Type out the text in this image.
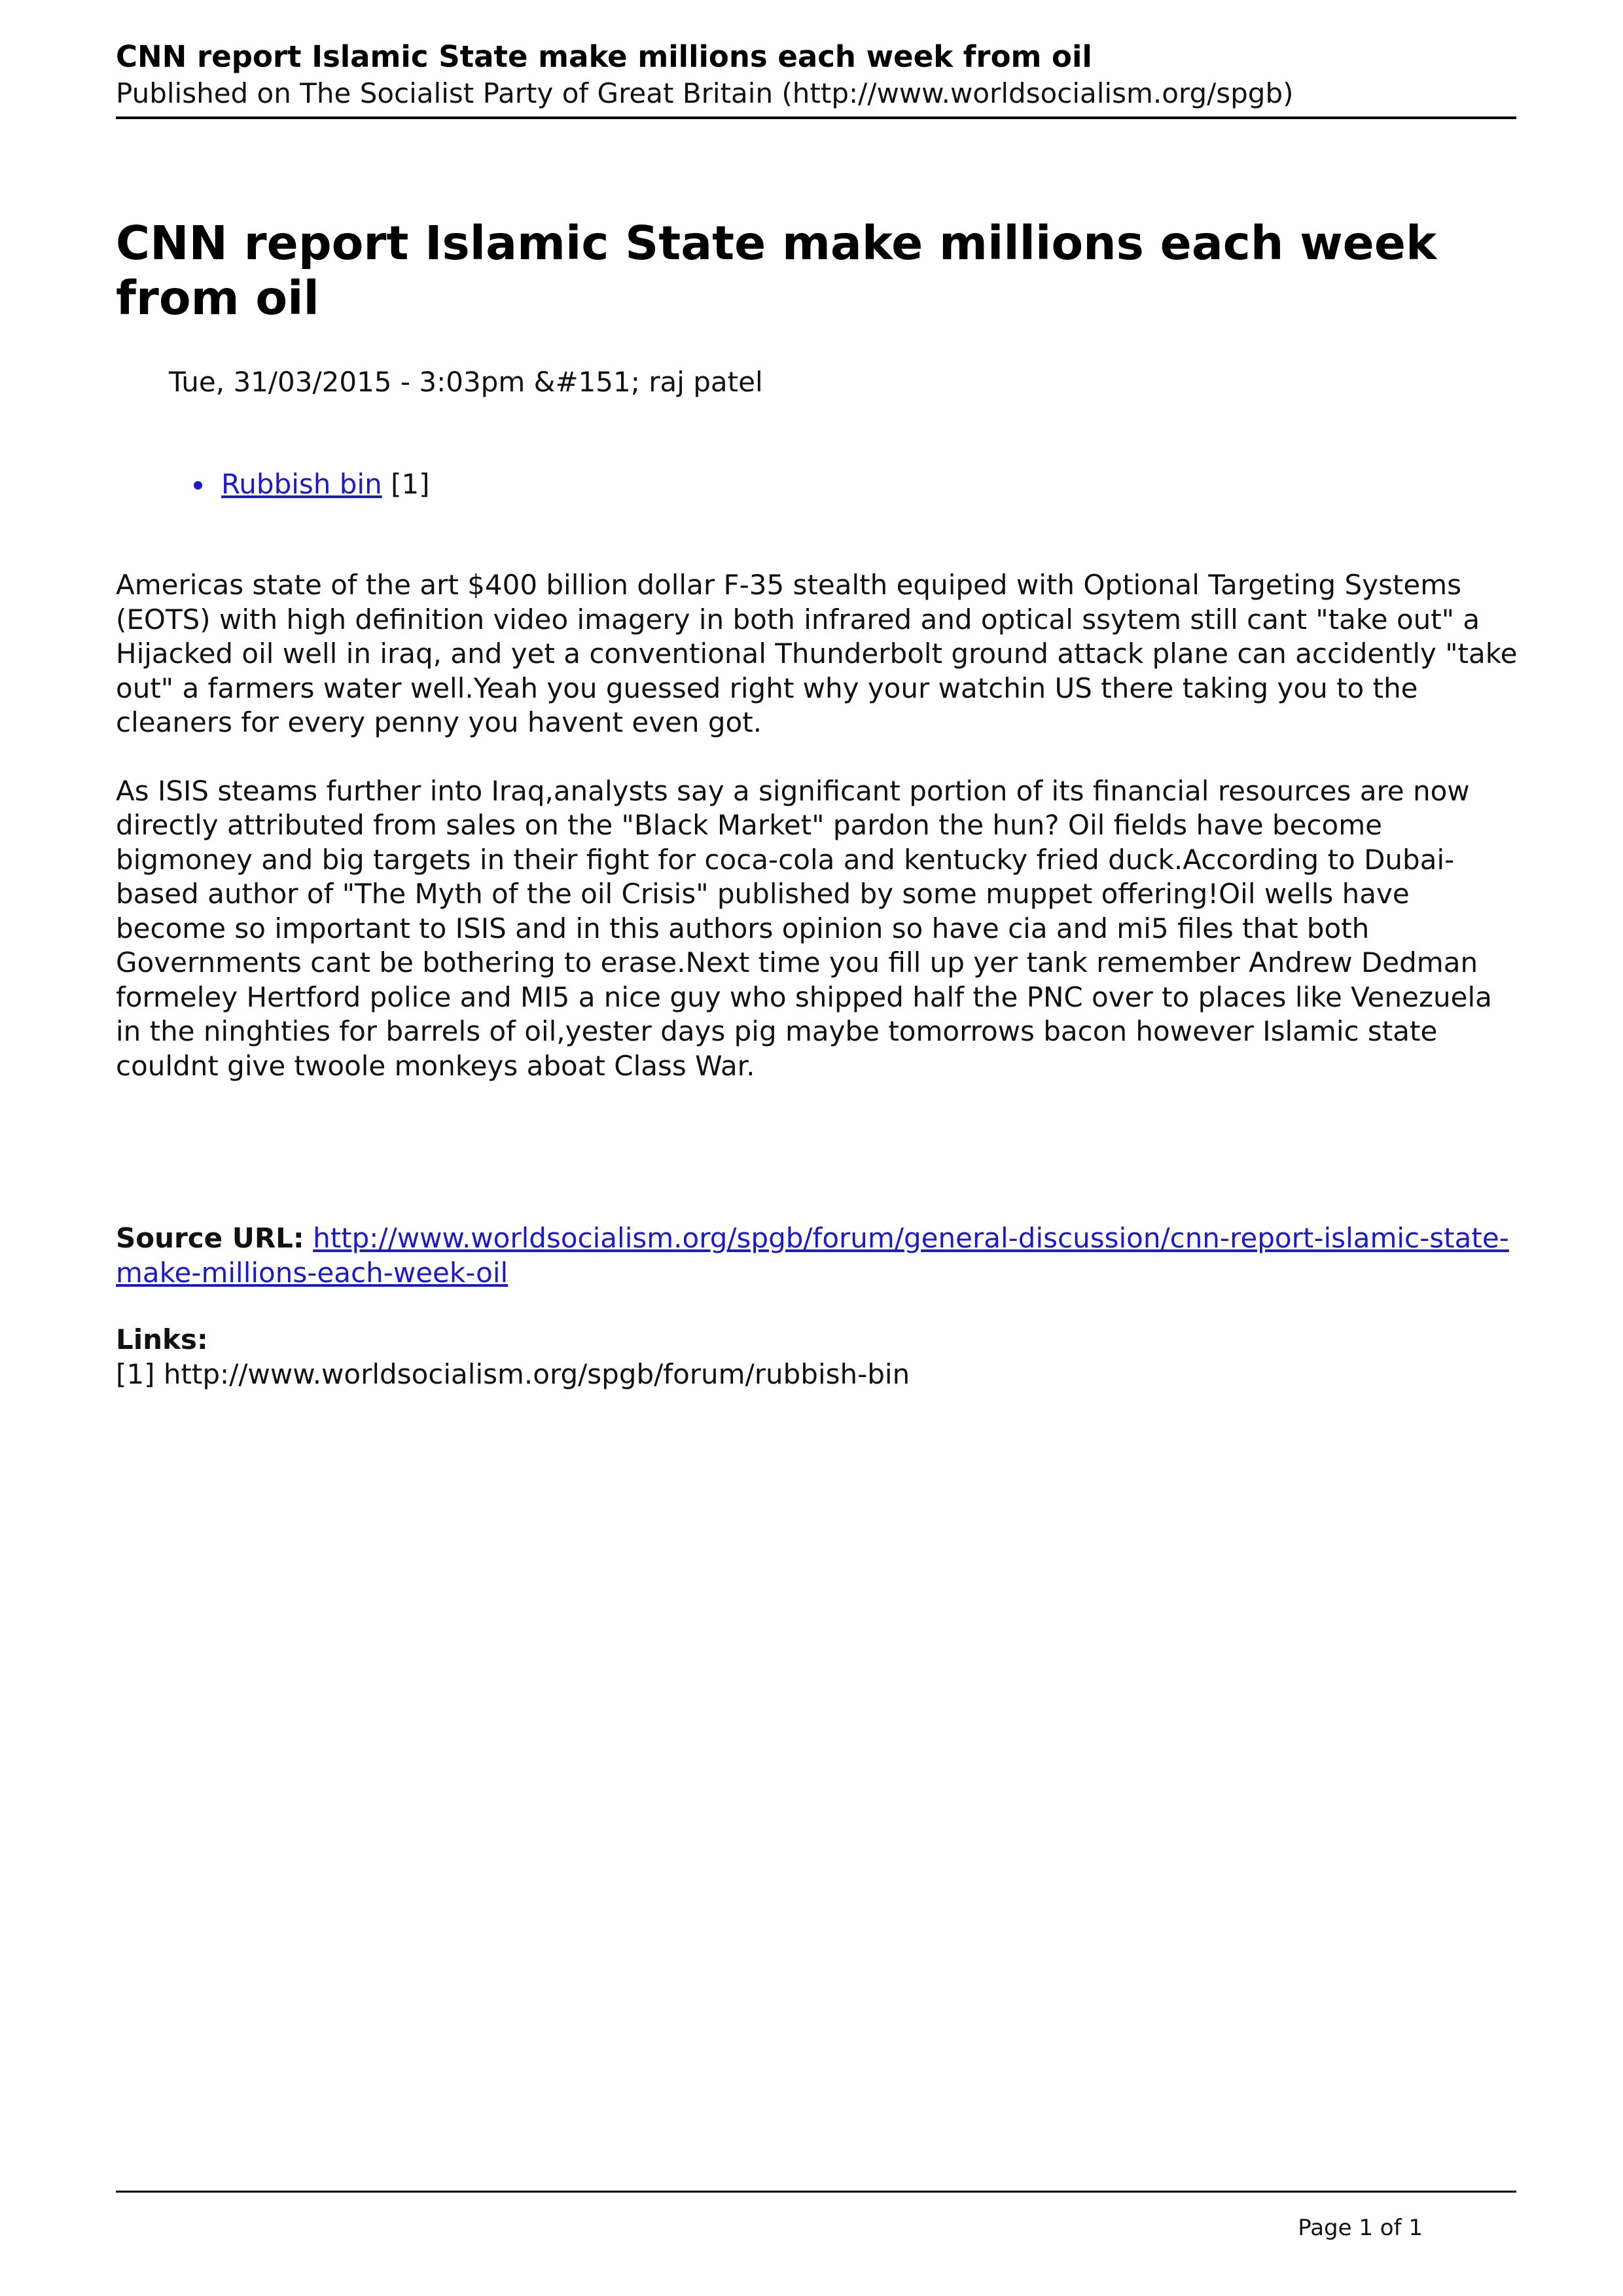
CNN report Islamic State make millions each week from oil
Published on The Socialist Party of Great Britain (http://www.worldsocialism.org/spgb)
CNN report Islamic State make millions each week from oil
Tue, 31/03/2015 - 3:03pm &#151; raj patel
Rubbish bin [1]

Americas state of the art $400 billion dollar F-35 stealth equiped with Optional Targeting Systems (EOTS) with high definition video imagery in both infrared and optical ssytem still cant "take out" a Hijacked oil well in iraq, and yet a conventional Thunderbolt ground attack plane can accidently "take out" a farmers water well.Yeah you guessed right why your watchin US there taking you to the cleaners for every penny you havent even got.

As ISIS steams further into Iraq,analysts say a significant portion of its financial resources are now directly attributed from sales on the "Black Market" pardon the hun? Oil fields have become bigmoney and big targets in their fight for coca-cola and kentucky fried duck.According to Dubai-based author of "The Myth of the oil Crisis" published by some muppet offering!Oil wells have become so important to ISIS and in this authors opinion so have cia and mi5 files that both Governments cant be bothering to erase.Next time you fill up yer tank remember Andrew Dedman formeley Hertford police and MI5 a nice guy who shipped half the PNC over to places like Venezuela in the ninghties for barrels of oil,yester days pig maybe tomorrows bacon however Islamic state couldnt give twoole monkeys aboat Class War.

Source URL: http://www.worldsocialism.org/spgb/forum/general-discussion/cnn-report-islamic-state-make-millions-each-week-oil
Links:
[1] http://www.worldsocialism.org/spgb/forum/rubbish-bin
Page 1 of 1
